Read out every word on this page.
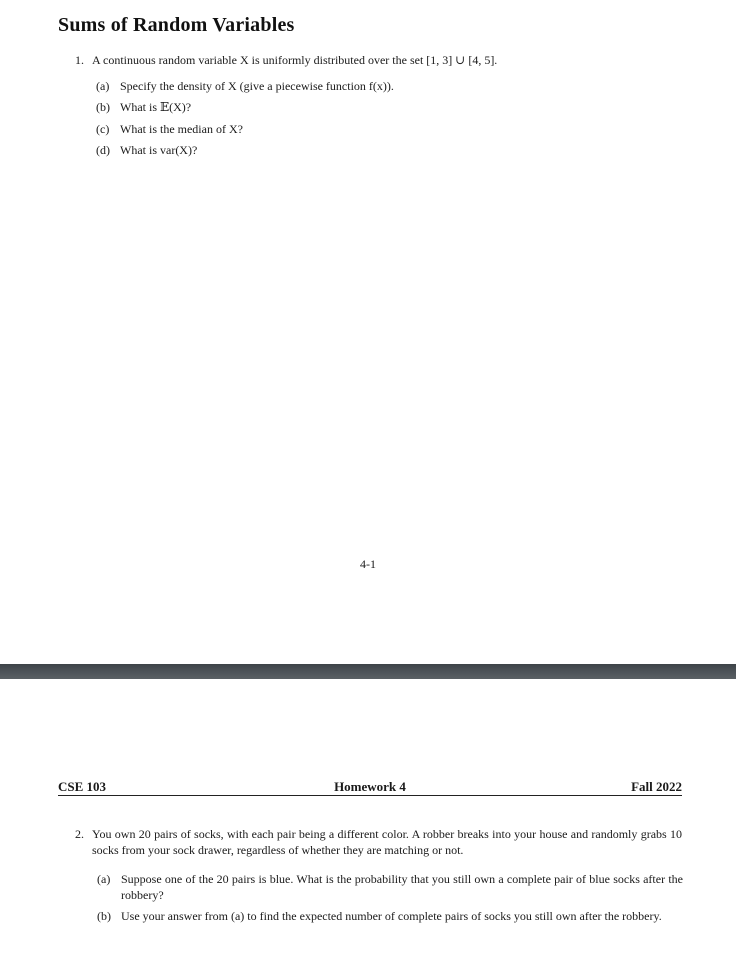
Sums of Random Variables
1. A continuous random variable X is uniformly distributed over the set [1, 3] ∪ [4, 5].
(a) Specify the density of X (give a piecewise function f(x)).
(b) What is 𝔼(X)?
(c) What is the median of X?
(d) What is var(X)?
4-1
Homework 4
CSE 103	Fall 2022
2. You own 20 pairs of socks, with each pair being a different color. A robber breaks into your house and randomly grabs 10 socks from your sock drawer, regardless of whether they are matching or not.
(a) Suppose one of the 20 pairs is blue. What is the probability that you still own a complete pair of blue socks after the robbery?
(b) Use your answer from (a) to find the expected number of complete pairs of socks you still own after the robbery.
